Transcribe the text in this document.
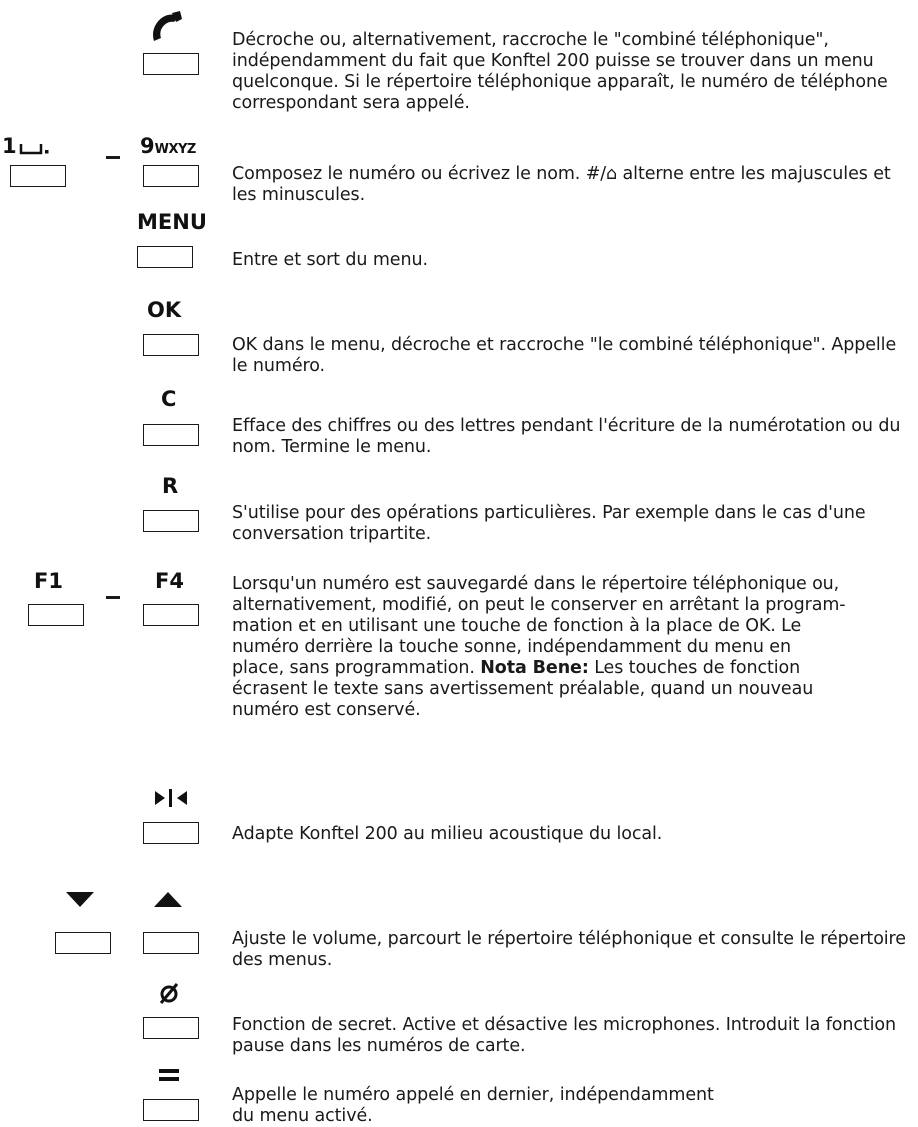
Décroche ou, alternativement, raccroche le "combiné téléphonique", indépendamment du fait que Konftel 200 puisse se trouver dans un menu quelconque. Si le répertoire téléphonique apparaît, le numéro de téléphone correspondant sera appelé.
1	9WXYZ
Composez le numéro ou écrivez le nom. #/⌂ alterne entre les majuscules et les minuscules.
MENU
Entre et sort du menu.
OK
OK dans le menu, décroche et raccroche "le combiné téléphonique". Appelle le numéro.
C
Efface des chiffres ou des lettres pendant l'écriture de la numérotation ou du nom. Termine le menu.
R
S'utilise pour des opérations particulières. Par exemple dans le cas d'une conversation tripartite.
F1	F4	Lorsqu'un numéro est sauvegardé dans le répertoire téléphonique ou,
alternativement, modifié, on peut le conserver en arrêtant la program-
mation et en utilisant une touche de fonction à la place de OK. Le
numéro derrière la touche sonne, indépendamment du menu en
place, sans programmation. Nota Bene: Les touches de fonction
écrasent le texte sans avertissement préalable, quand un nouveau
numéro est conservé.
Adapte Konftel 200 au milieu acoustique du local.
Ajuste le volume, parcourt le répertoire téléphonique et consulte le répertoire des menus.
Fonction de secret. Active et désactive les microphones. Introduit la fonction pause dans les numéros de carte.
Appelle le numéro appelé en dernier, indépendamment
du menu activé.
